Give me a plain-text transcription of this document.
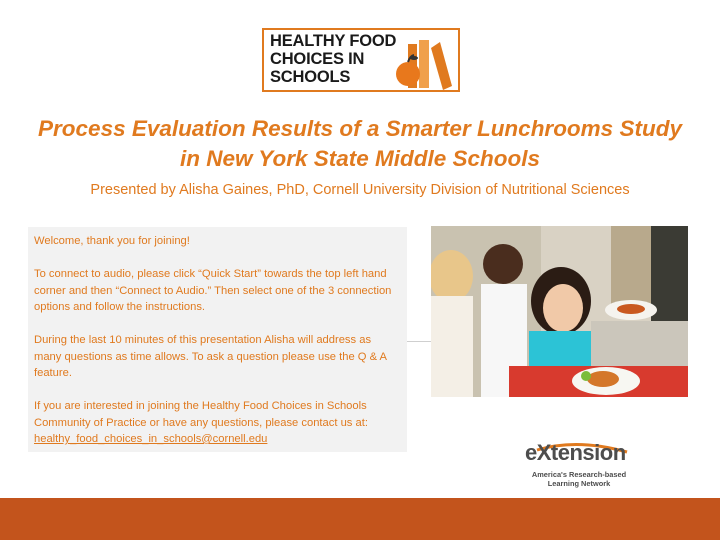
HEALTHY FOOD
CHOICES IN
SCHOOLS
Process Evaluation Results of a Smarter Lunchrooms Study
in New York State Middle Schools
Presented by Alisha Gaines, PhD, Cornell University Division of Nutritional Sciences

Welcome, thank you for joining!

To connect to audio, please click “Quick Start” towards the top left hand corner and then “Connect to Audio.” Then select one of the 3 connection options and follow the instructions.

During the last 10 minutes of this presentation Alisha will address as many questions as time allows. To ask a question please use the Q & A feature.

If you are interested in joining the Healthy Food Choices in Schools Community of Practice or have any questions, please contact us at: healthy_food_choices_in_schools@cornell.edu

eXtension
America's Research-based
Learning Network
